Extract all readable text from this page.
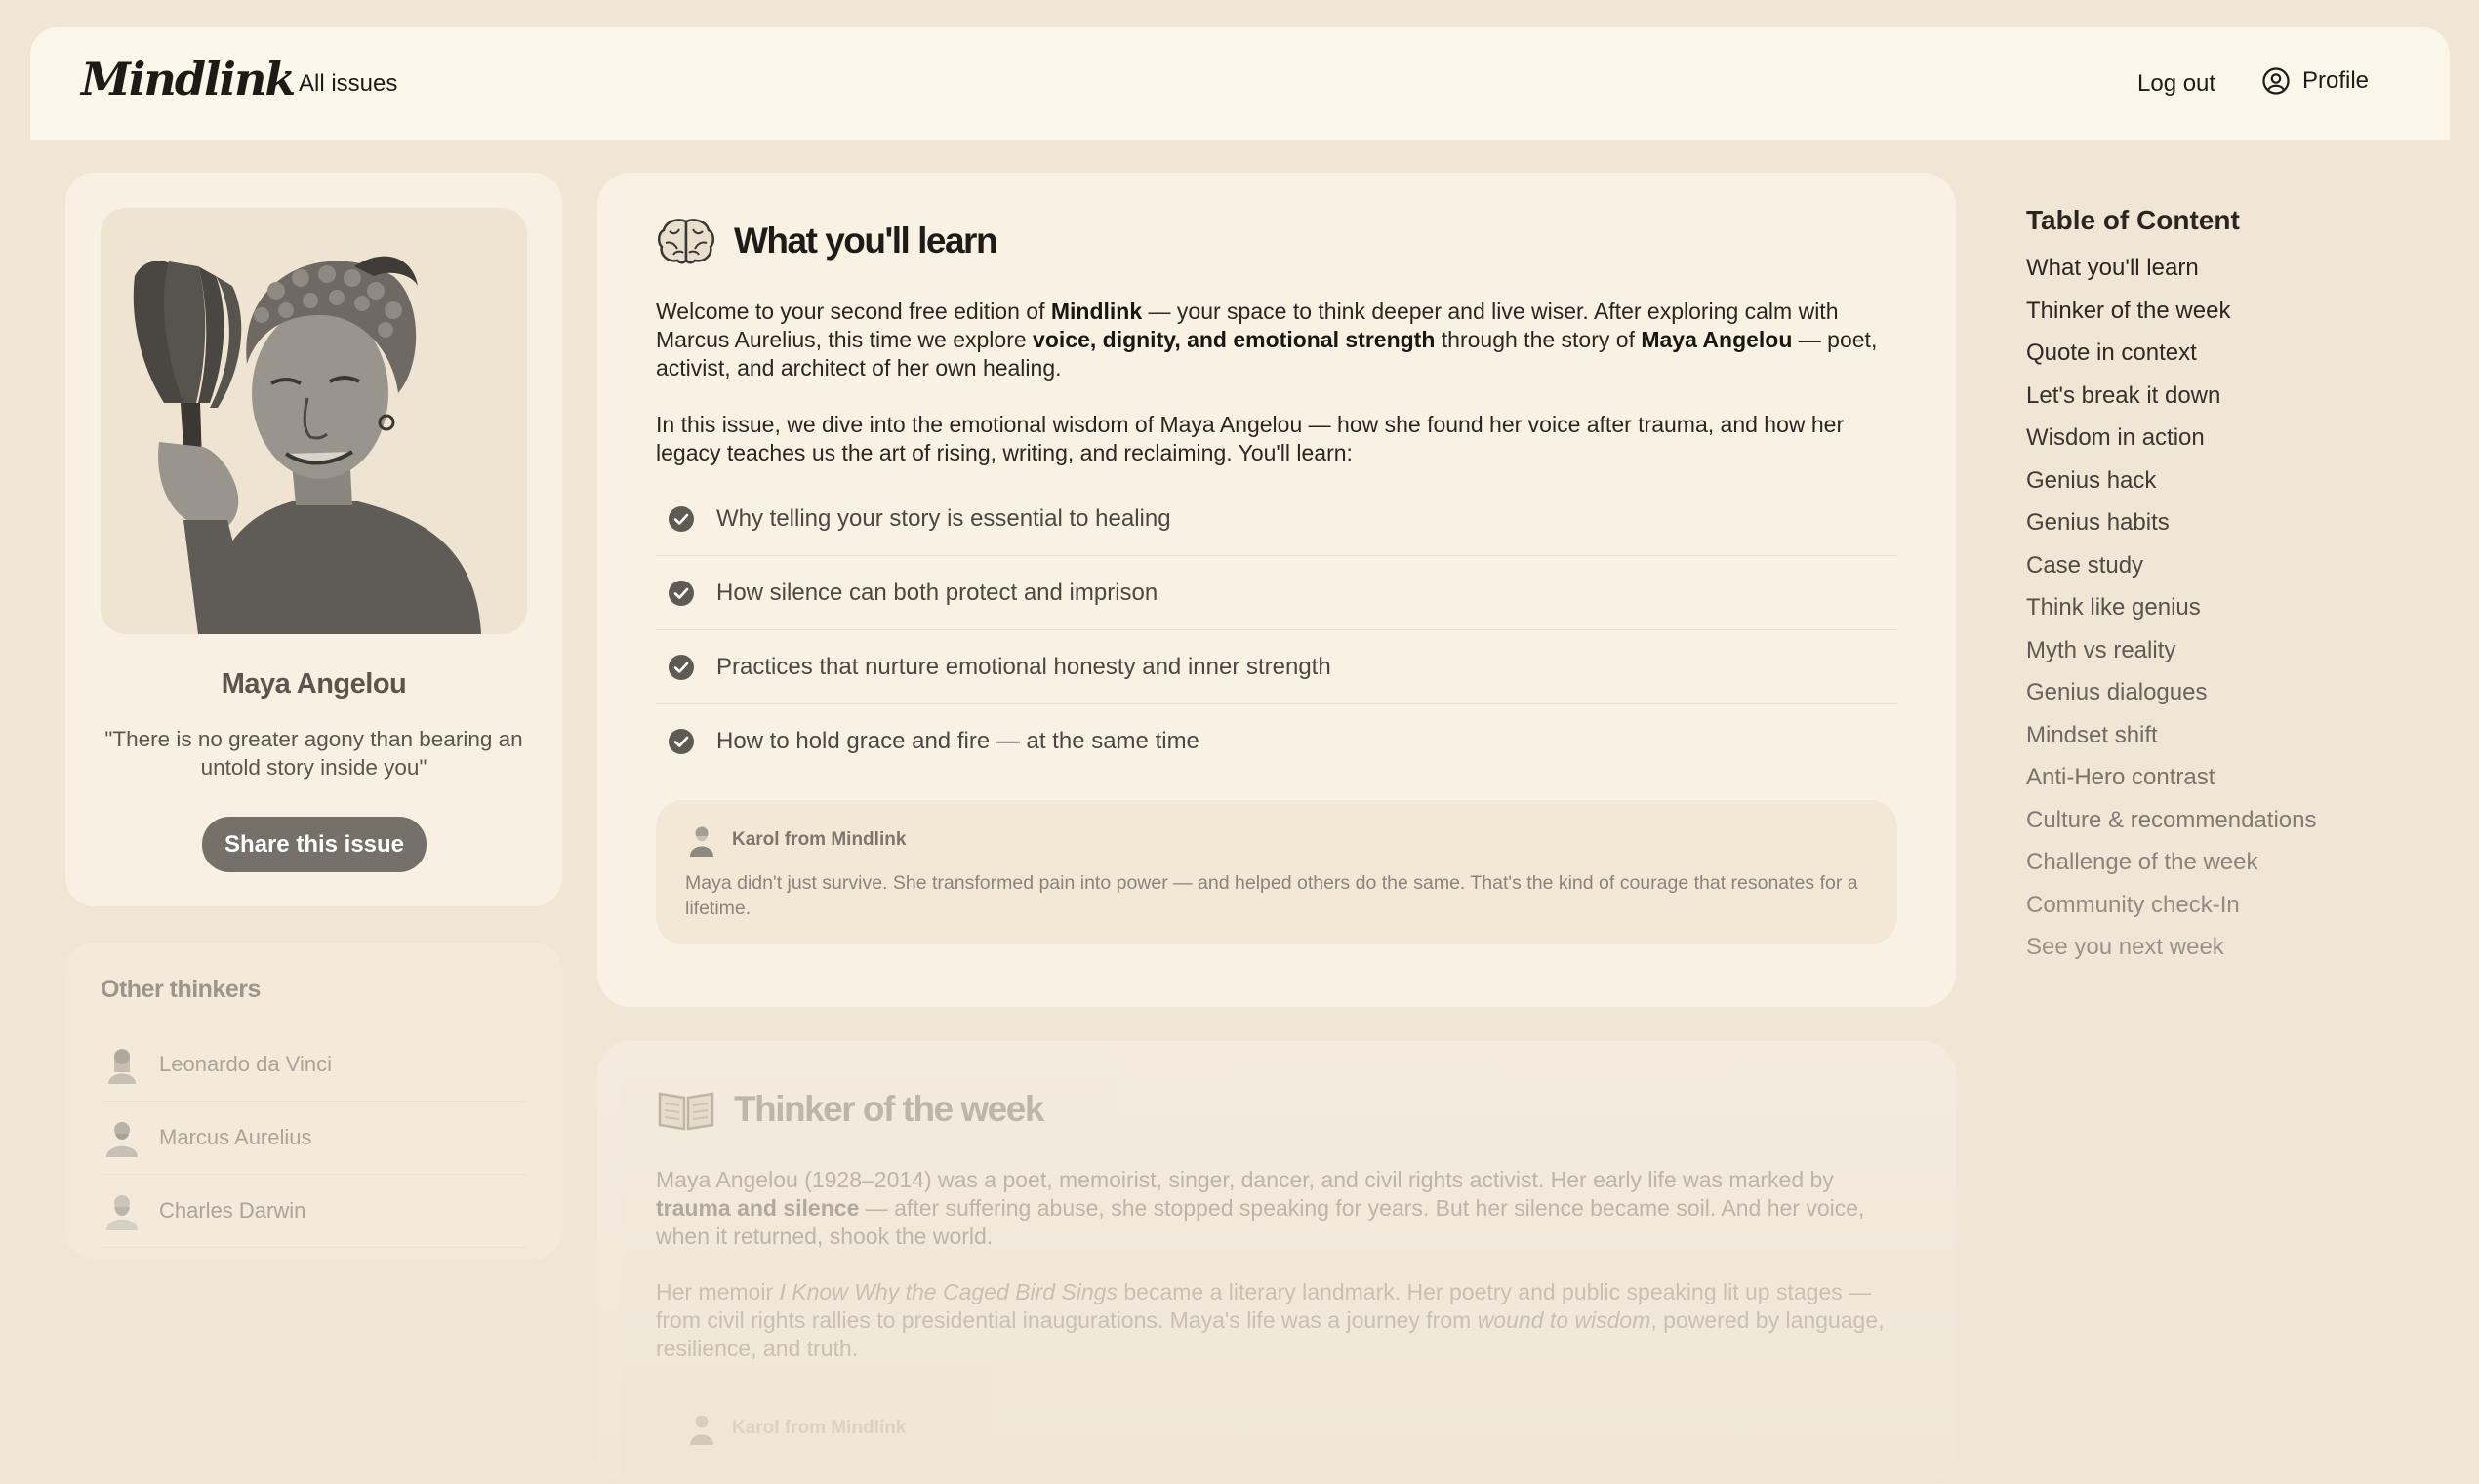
Mindlink All issues	Log out	Profile
Maya Angelou
"There is no greater agony than bearing an untold story inside you"
Share this issue
Other thinkers
Leonardo da Vinci
Marcus Aurelius
Charles Darwin
What you'll learn

Welcome to your second free edition of Mindlink — your space to think deeper and live wiser. After exploring calm with Marcus Aurelius, this time we explore voice, dignity, and emotional strength through the story of Maya Angelou — poet, activist, and architect of her own healing.

In this issue, we dive into the emotional wisdom of Maya Angelou — how she found her voice after trauma, and how her legacy teaches us the art of rising, writing, and reclaiming. You'll learn:

Why telling your story is essential to healing
How silence can both protect and imprison
Practices that nurture emotional honesty and inner strength
How to hold grace and fire — at the same time
Karol from Mindlink

Maya didn't just survive. She transformed pain into power — and helped others do the same. That's the kind of courage that resonates for a lifetime.

Thinker of the week

Maya Angelou (1928–2014) was a poet, memoirist, singer, dancer, and civil rights activist. Her early life was marked by trauma and silence — after suffering abuse, she stopped speaking for years. But her silence became soil. And her voice, when it returned, shook the world.

Her memoir I Know Why the Caged Bird Sings became a literary landmark. Her poetry and public speaking lit up stages — from civil rights rallies to presidential inaugurations. Maya's life was a journey from wound to wisdom, powered by language, resilience, and truth.

Karol from Mindlink
Table of Content
What you'll learn
Thinker of the week
Quote in context
Let's break it down
Wisdom in action
Genius hack
Genius habits
Case study
Think like genius
Myth vs reality
Genius dialogues
Mindset shift
Anti-Hero contrast
Culture & recommendations
Challenge of the week
Community check-In
See you next week
